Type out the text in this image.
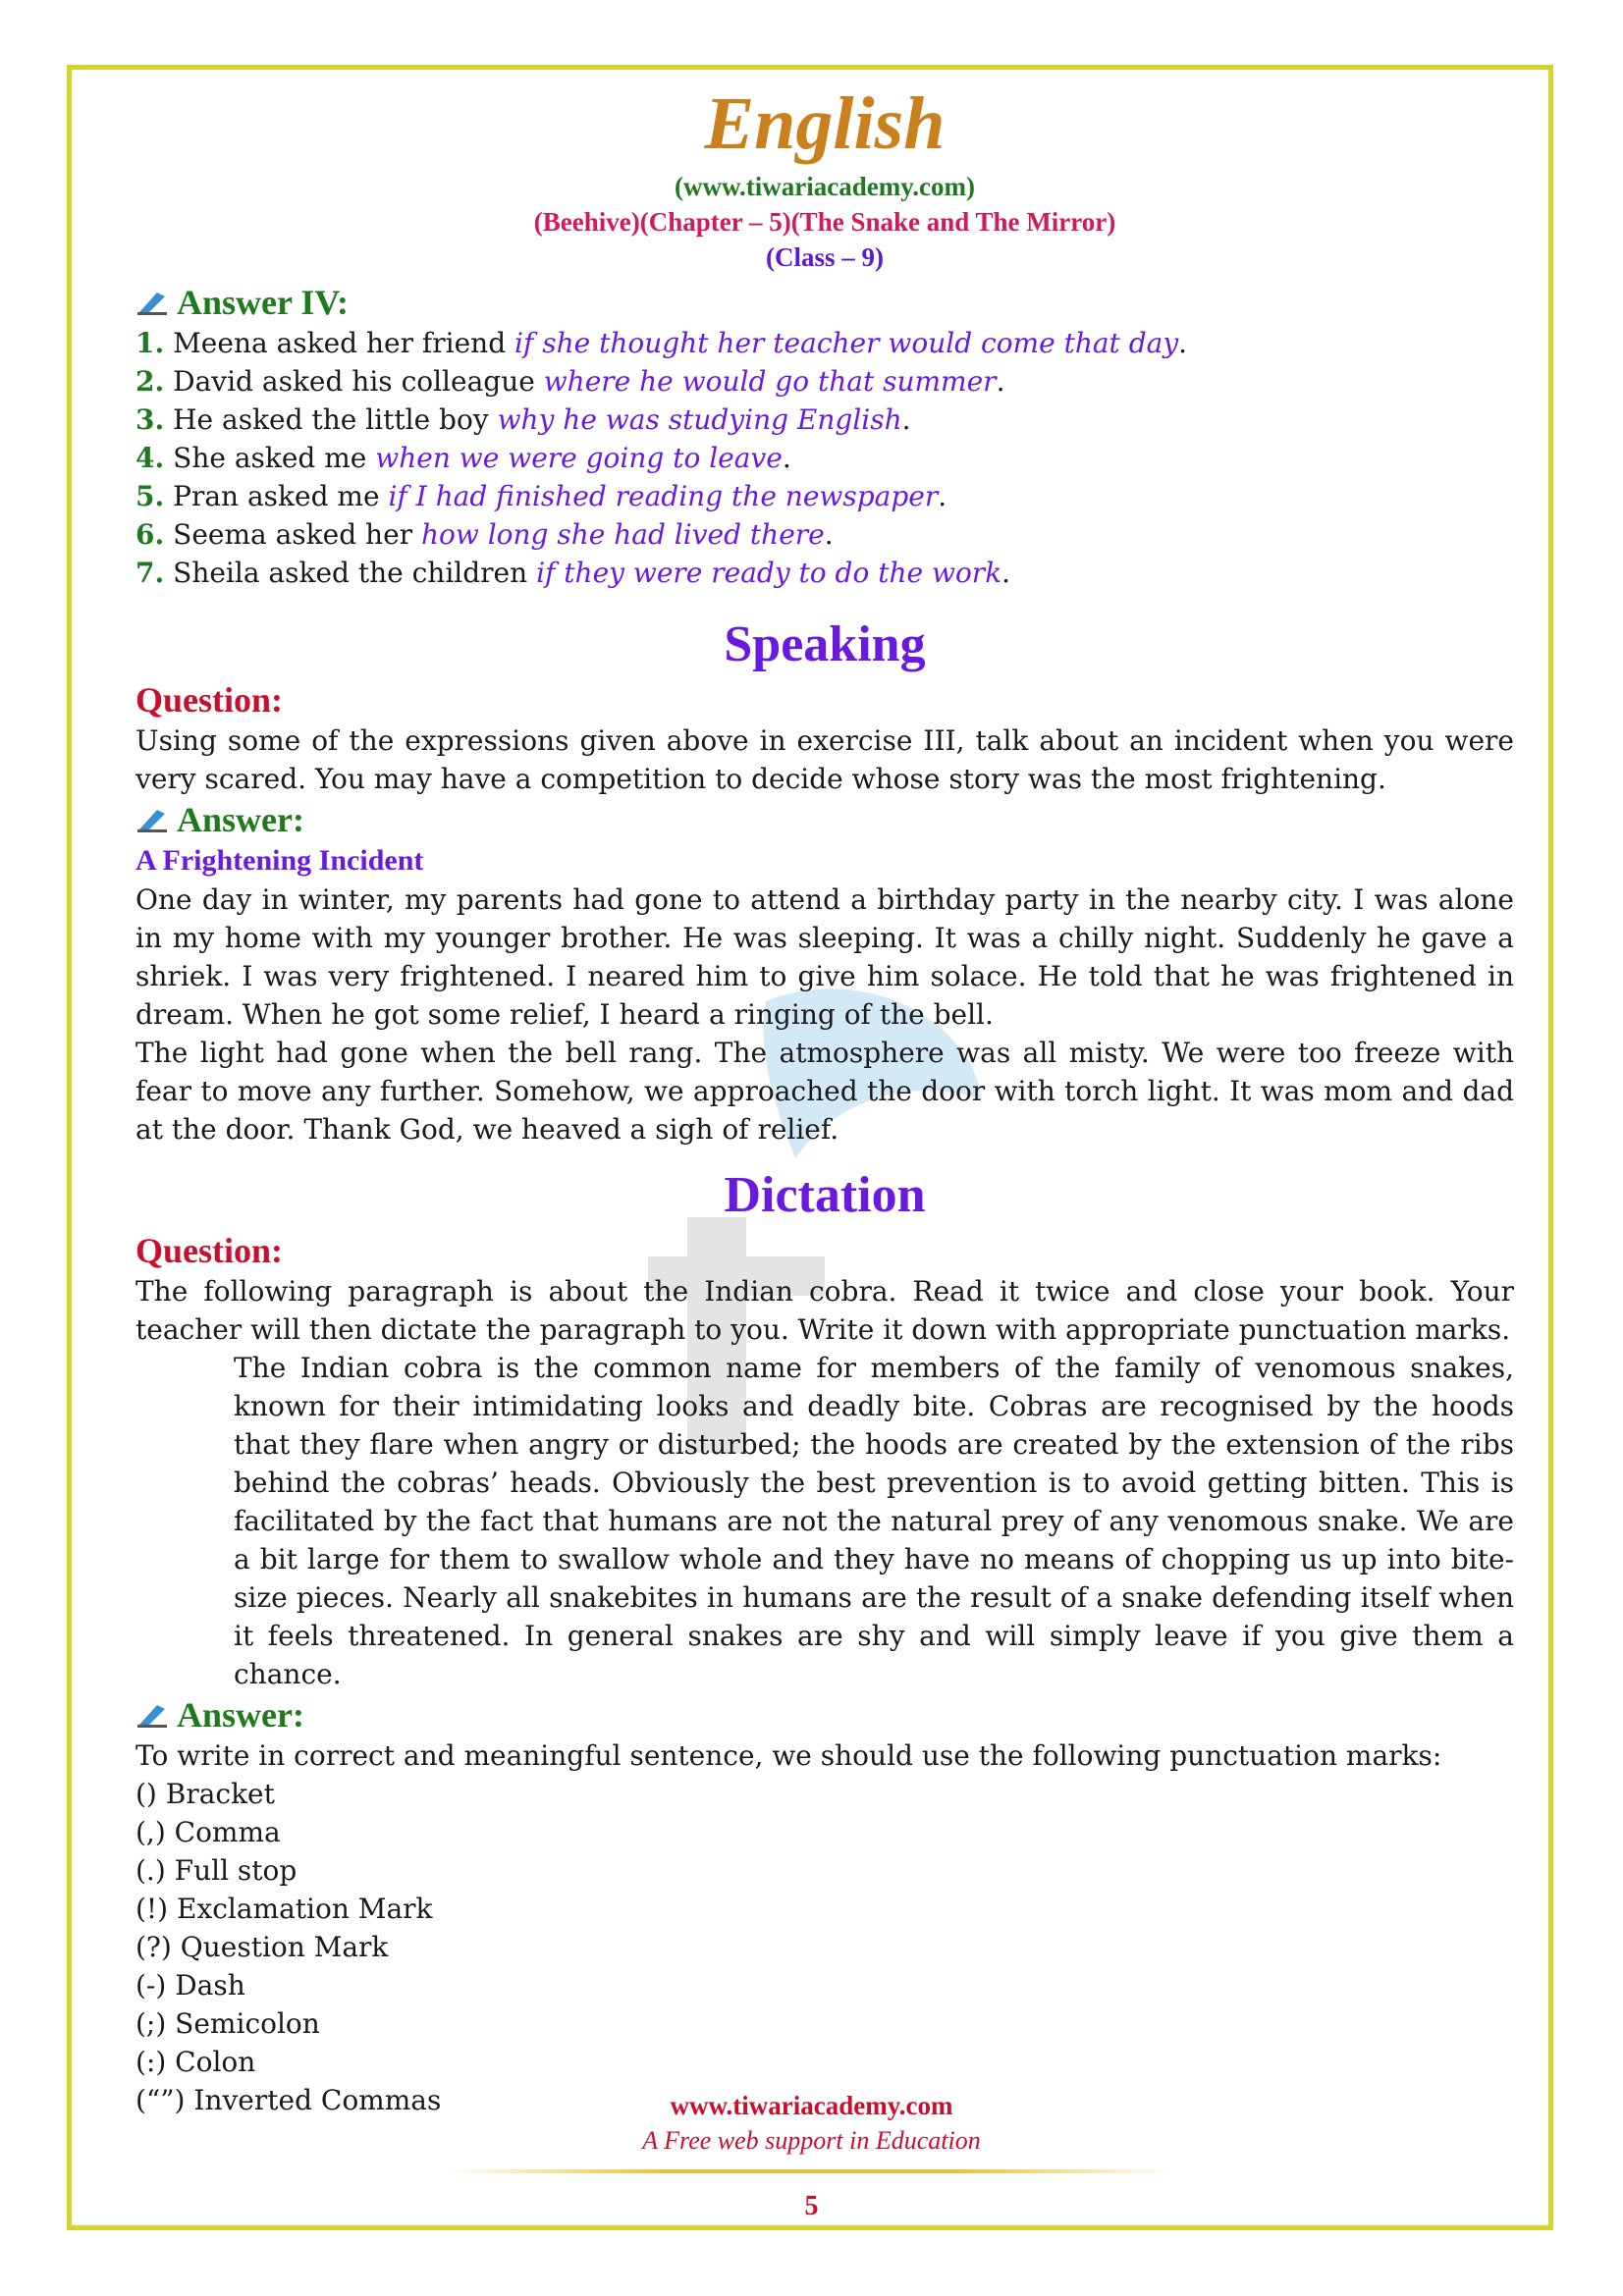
English
(www.tiwariacademy.com)
(Beehive)(Chapter – 5)(The Snake and The Mirror)
(Class – 9)
Answer IV:
1. Meena asked her friend if she thought her teacher would come that day.
2. David asked his colleague where he would go that summer.
3. He asked the little boy why he was studying English.
4. She asked me when we were going to leave.
5. Pran asked me if I had finished reading the newspaper.
6. Seema asked her how long she had lived there.
7. Sheila asked the children if they were ready to do the work.
Speaking
Question:

Using some of the expressions given above in exercise III, talk about an incident when you were very scared. You may have a competition to decide whose story was the most frightening.

Answer:
A Frightening Incident

One day in winter, my parents had gone to attend a birthday party in the nearby city. I was alone in my home with my younger brother. He was sleeping. It was a chilly night. Suddenly he gave a shriek. I was very frightened. I neared him to give him solace. He told that he was frightened in dream. When he got some relief, I heard a ringing of the bell.

The light had gone when the bell rang. The atmosphere was all misty. We were too freeze with fear to move any further. Somehow, we approached the door with torch light. It was mom and dad at the door. Thank God, we heaved a sigh of relief.

Dictation
Question:

The following paragraph is about the Indian cobra. Read it twice and close your book. Your teacher will then dictate the paragraph to you. Write it down with appropriate punctuation marks.

The Indian cobra is the common name for members of the family of venomous snakes, known for their intimidating looks and deadly bite. Cobras are recognised by the hoods that they flare when angry or disturbed; the hoods are created by the extension of the ribs behind the cobras’ heads. Obviously the best prevention is to avoid getting bitten. This is facilitated by the fact that humans are not the natural prey of any venomous snake. We are a bit large for them to swallow whole and they have no means of chopping us up into bite-size pieces. Nearly all snakebites in humans are the result of a snake defending itself when it feels threatened. In general snakes are shy and will simply leave if you give them a chance.

Answer:

To write in correct and meaningful sentence, we should use the following punctuation marks:

() Bracket
(,) Comma
(.) Full stop
(!) Exclamation Mark
(?) Question Mark
(-) Dash
(;) Semicolon
(:) Colon
(“”) Inverted Commas	www.tiwariacademy.com
A Free web support in Education
5
